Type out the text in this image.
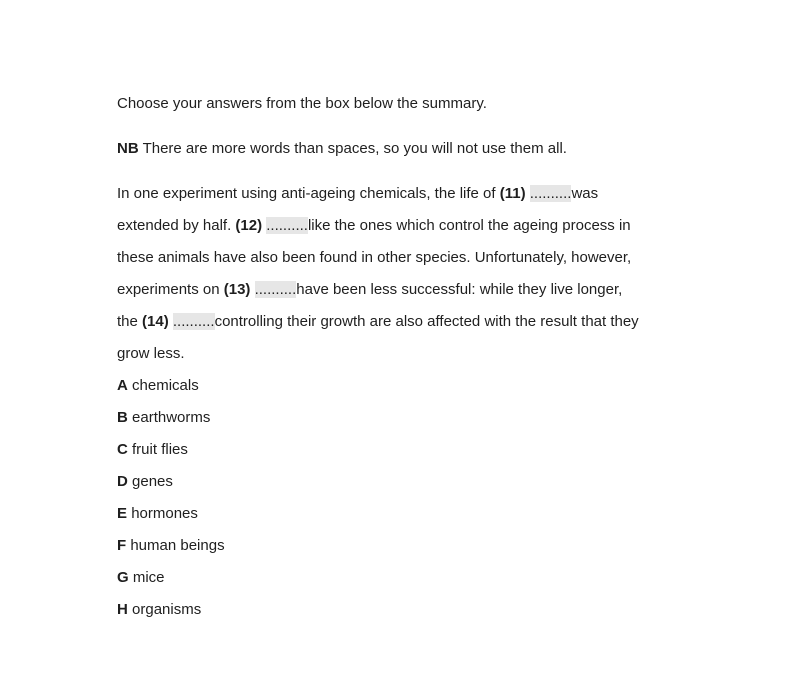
Choose your answers from the box below the summary.
NB There are more words than spaces, so you will not use them all.
In one experiment using anti-ageing chemicals, the life of (11) ..........was
extended by half. (12) ..........like the ones which control the ageing process in
these animals have also been found in other species. Unfortunately, however,
experiments on (13) ..........have been less successful: while they live longer,
the (14) ..........controlling their growth are also affected with the result that they
grow less.
A chemicals
B earthworms
C fruit flies
D genes
E hormones
F human beings
G mice
H organisms
